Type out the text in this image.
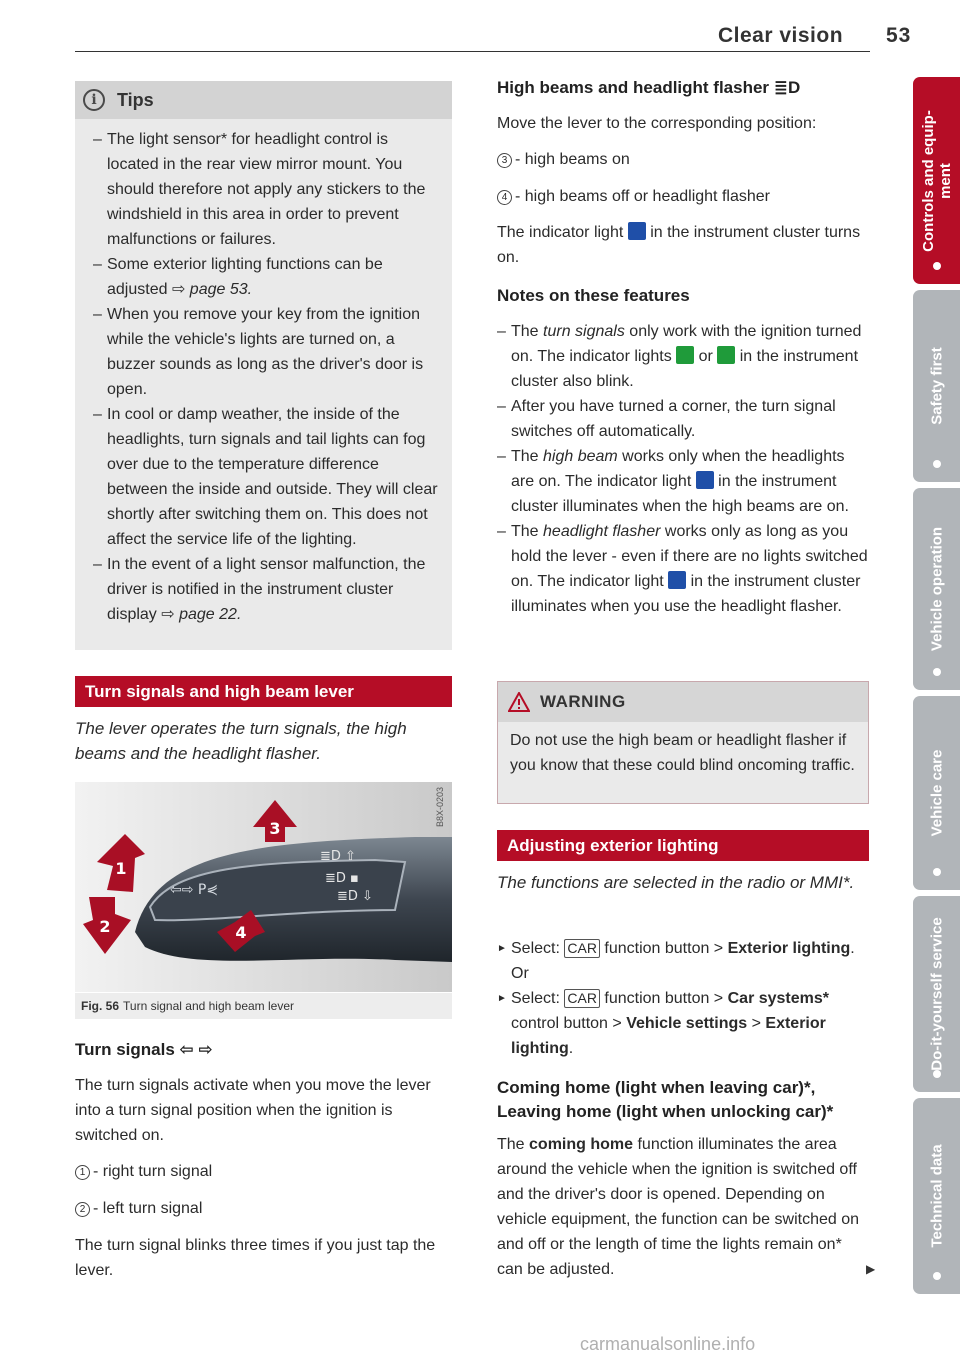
Clear vision 53
Controls and equip-
ment
Safety first
Vehicle operation
Vehicle care
Do-it-yourself service
Technical data
i	Tips
– The light sensor* for headlight control is located in the rear view mirror mount. You should therefore not apply any stickers to the windshield in this area in order to prevent malfunctions or failures.
– Some exterior lighting functions can be adjusted ⇨ page 53.
– When you remove your key from the ignition while the vehicle's lights are turned on, a buzzer sounds as long as the driver's door is open.
– In cool or damp weather, the inside of the headlights, turn signals and tail lights can fog over due to the temperature difference between the inside and outside. They will clear shortly after switching them on. This does not affect the service life of the lighting.
– In the event of a light sensor malfunction, the driver is notified in the instrument cluster display ⇨ page 22.
Turn signals and high beam lever
The lever operates the turn signals, the high beams and the headlight flasher.
⇦⇨ P⋞
≣D ⇧
≣D ▪
≣D ⇩
3
1
2	4
B8X-0203
Fig. 56 Turn signal and high beam lever
Turn signals ⇦ ⇨
The turn signals activate when you move the lever into a turn signal position when the ignition is switched on.
1 - right turn signal
2 - left turn signal
The turn signal blinks three times if you just tap the lever.
High beams and headlight flasher ≣D
Move the lever to the corresponding position:
3 - high beams on
4 - high beams off or headlight flasher
The indicator light in the instrument cluster turns on.
Notes on these features
– The turn signals only work with the ignition turned on. The indicator lights or in the instrument cluster also blink.
– After you have turned a corner, the turn signal switches off automatically.
– The high beam works only when the headlights are on. The indicator light in the instrument cluster illuminates when the high beams are on.
– The headlight flasher works only as long as you hold the lever - even if there are no lights switched on. The indicator light in the instrument cluster illuminates when you use the headlight flasher.
WARNING
Do not use the high beam or headlight flasher if you know that these could blind oncoming traffic.
Adjusting exterior lighting
The functions are selected in the radio or MMI*.
► Select: CAR function button > Exterior lighting. Or
► Select: CAR function button > Car systems* control button > Vehicle settings > Exterior lighting.
Coming home (light when leaving car)*, Leaving home (light when unlocking car)*
The coming home function illuminates the area around the vehicle when the ignition is switched off and the driver's door is opened. Depending on vehicle equipment, the function can be switched on and off or the length of time the lights remain on* can be adjusted.	▶
carmanualsonline.info
